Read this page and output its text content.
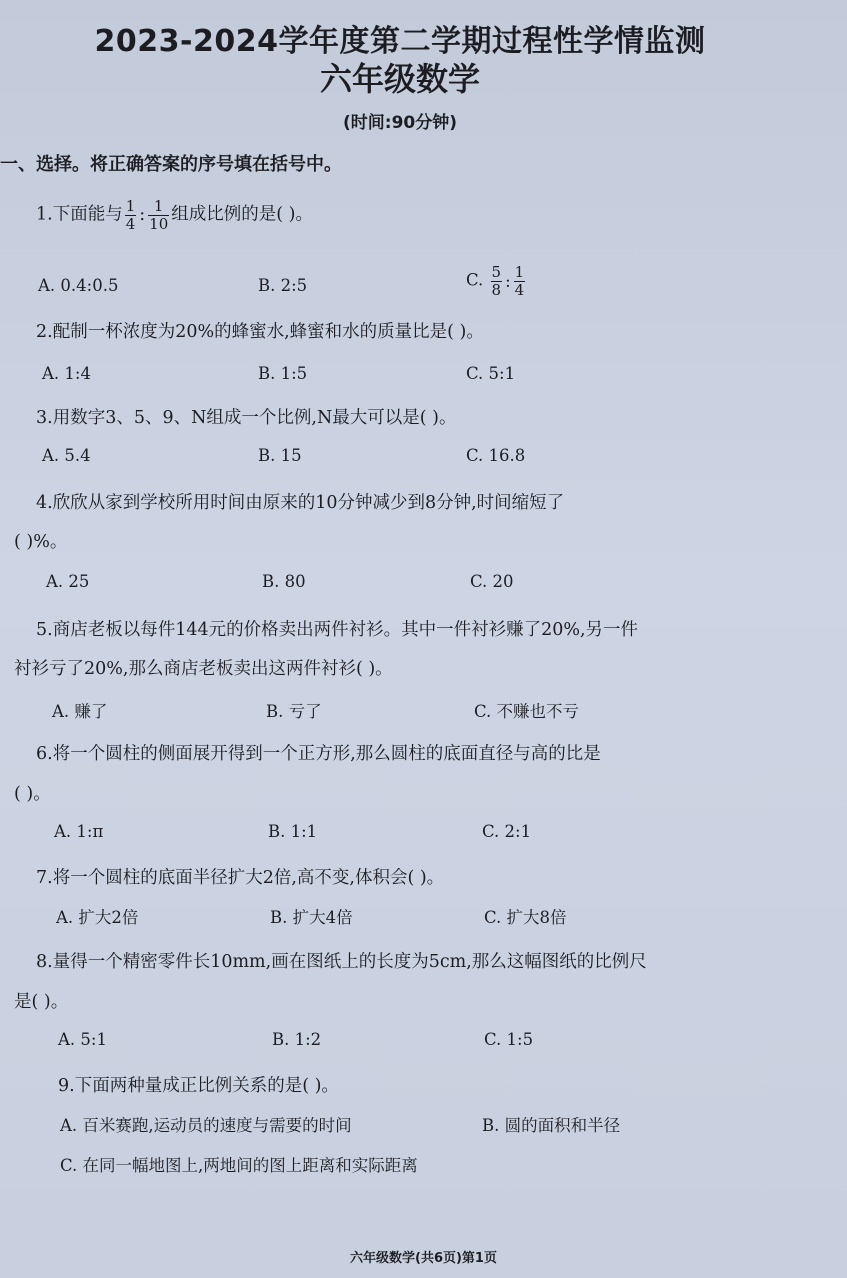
2023-2024学年度第二学期过程性学情监测
六年级数学
(时间:90分钟)
一、选择。将正确答案的序号填在括号中。
1.下面能与 $\frac{1}{4}$ : $\frac{1}{10}$ 组成比例的是( )。
A. 0.4:0.5	B. 2:5	C. $\frac{5}{8}$ : $\frac{1}{4}$
2.配制一杯浓度为20%的蜂蜜水,蜂蜜和水的质量比是( )。
A. 1:4	B. 1:5	C. 5:1
3.用数字3、5、9、N组成一个比例,N最大可以是( )。
A. 5.4	B. 15	C. 16.8
4.欣欣从家到学校所用时间由原来的10分钟减少到8分钟,时间缩短了
( )%。
A. 25	B. 80	C. 20
5.商店老板以每件144元的价格卖出两件衬衫。其中一件衬衫赚了20%,另一件
衬衫亏了20%,那么商店老板卖出这两件衬衫( )。
A. 赚了	B. 亏了	C. 不赚也不亏
6.将一个圆柱的侧面展开得到一个正方形,那么圆柱的底面直径与高的比是
( )。
A. 1:π	B. 1:1	C. 2:1
7.将一个圆柱的底面半径扩大2倍,高不变,体积会( )。
A. 扩大2倍	B. 扩大4倍	C. 扩大8倍
8.量得一个精密零件长10mm,画在图纸上的长度为5cm,那么这幅图纸的比例尺
是( )。
A. 5:1	B. 1:2	C. 1:5
9.下面两种量成正比例关系的是( )。
A. 百米赛跑,运动员的速度与需要的时间	B. 圆的面积和半径
C. 在同一幅地图上,两地间的图上距离和实际距离
六年级数学(共6页)第1页
